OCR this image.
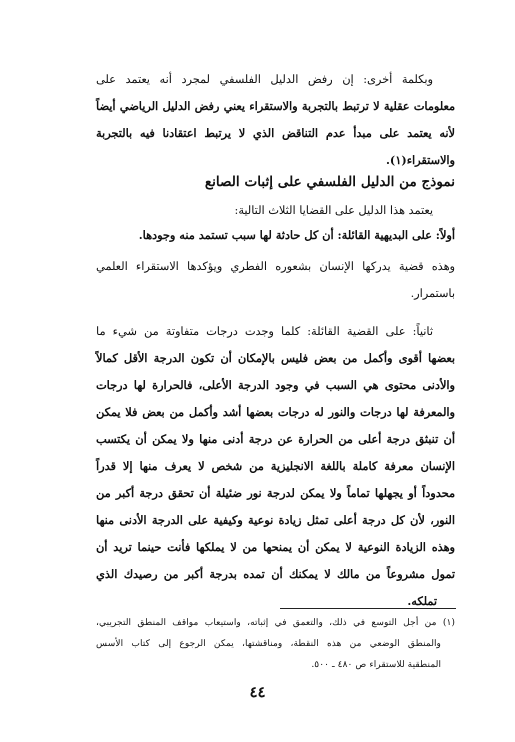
وبكلمة أخرى: إن رفض الدليل الفلسفي لمجرد أنه يعتمد على
معلومات عقلية لا ترتبط بالتجربة والاستقراء يعني رفض الدليل الرياضي أيضاً
لأنه يعتمد على مبدأ عدم التناقض الذي لا يرتبط اعتقادنا فيه بالتجربة
والاستقراء(١).
نموذج من الدليل الفلسفي على إثبات الصانع
يعتمد هذا الدليل على القضايا الثلاث التالية:
أولاً: على البديهية القائلة: أن كل حادثة لها سبب تستمد منه وجودها.
وهذه قضية يدركها الإنسان بشعوره الفطري ويؤكدها الاستقراء العلمي
باستمرار.
ثانياً: على القضية القائلة: كلما وجدت درجات متفاوتة من شيء ما
بعضها أقوى وأكمل من بعض فليس بالإمكان أن تكون الدرجة الأقل كمالاً
والأدنى محتوى هي السبب في وجود الدرجة الأعلى، فالحرارة لها درجات
والمعرفة لها درجات والنور له درجات بعضها أشد وأكمل من بعض فلا يمكن
أن تنبثق درجة أعلى من الحرارة عن درجة أدنى منها ولا يمكن أن يكتسب
الإنسان معرفة كاملة باللغة الانجليزية من شخص لا يعرف منها إلا قدراً
محدوداً أو يجهلها تماماً ولا يمكن لدرجة نور ضئيلة أن تحقق درجة أكبر من
النور، لأن كل درجة أعلى تمثل زيادة نوعية وكيفية على الدرجة الأدنى منها
وهذه الزيادة النوعية لا يمكن أن يمنحها من لا يملكها فأنت حينما تريد أن
تمول مشروعاً من مالك لا يمكنك أن تمده بدرجة أكبر من رصيدك الذي
تملكه.
(١) من أجل التوسع في ذلك، والتعمق في إثباته، واستيعاب مواقف المنطق التجريبي،
والمنطق الوضعي من هذه النقطة، ومناقشتها، يمكن الرجوع إلى كتاب الأسس
المنطقية للاستقراء ص ٤٨٠ ـ ٥٠٠.
٤٤
